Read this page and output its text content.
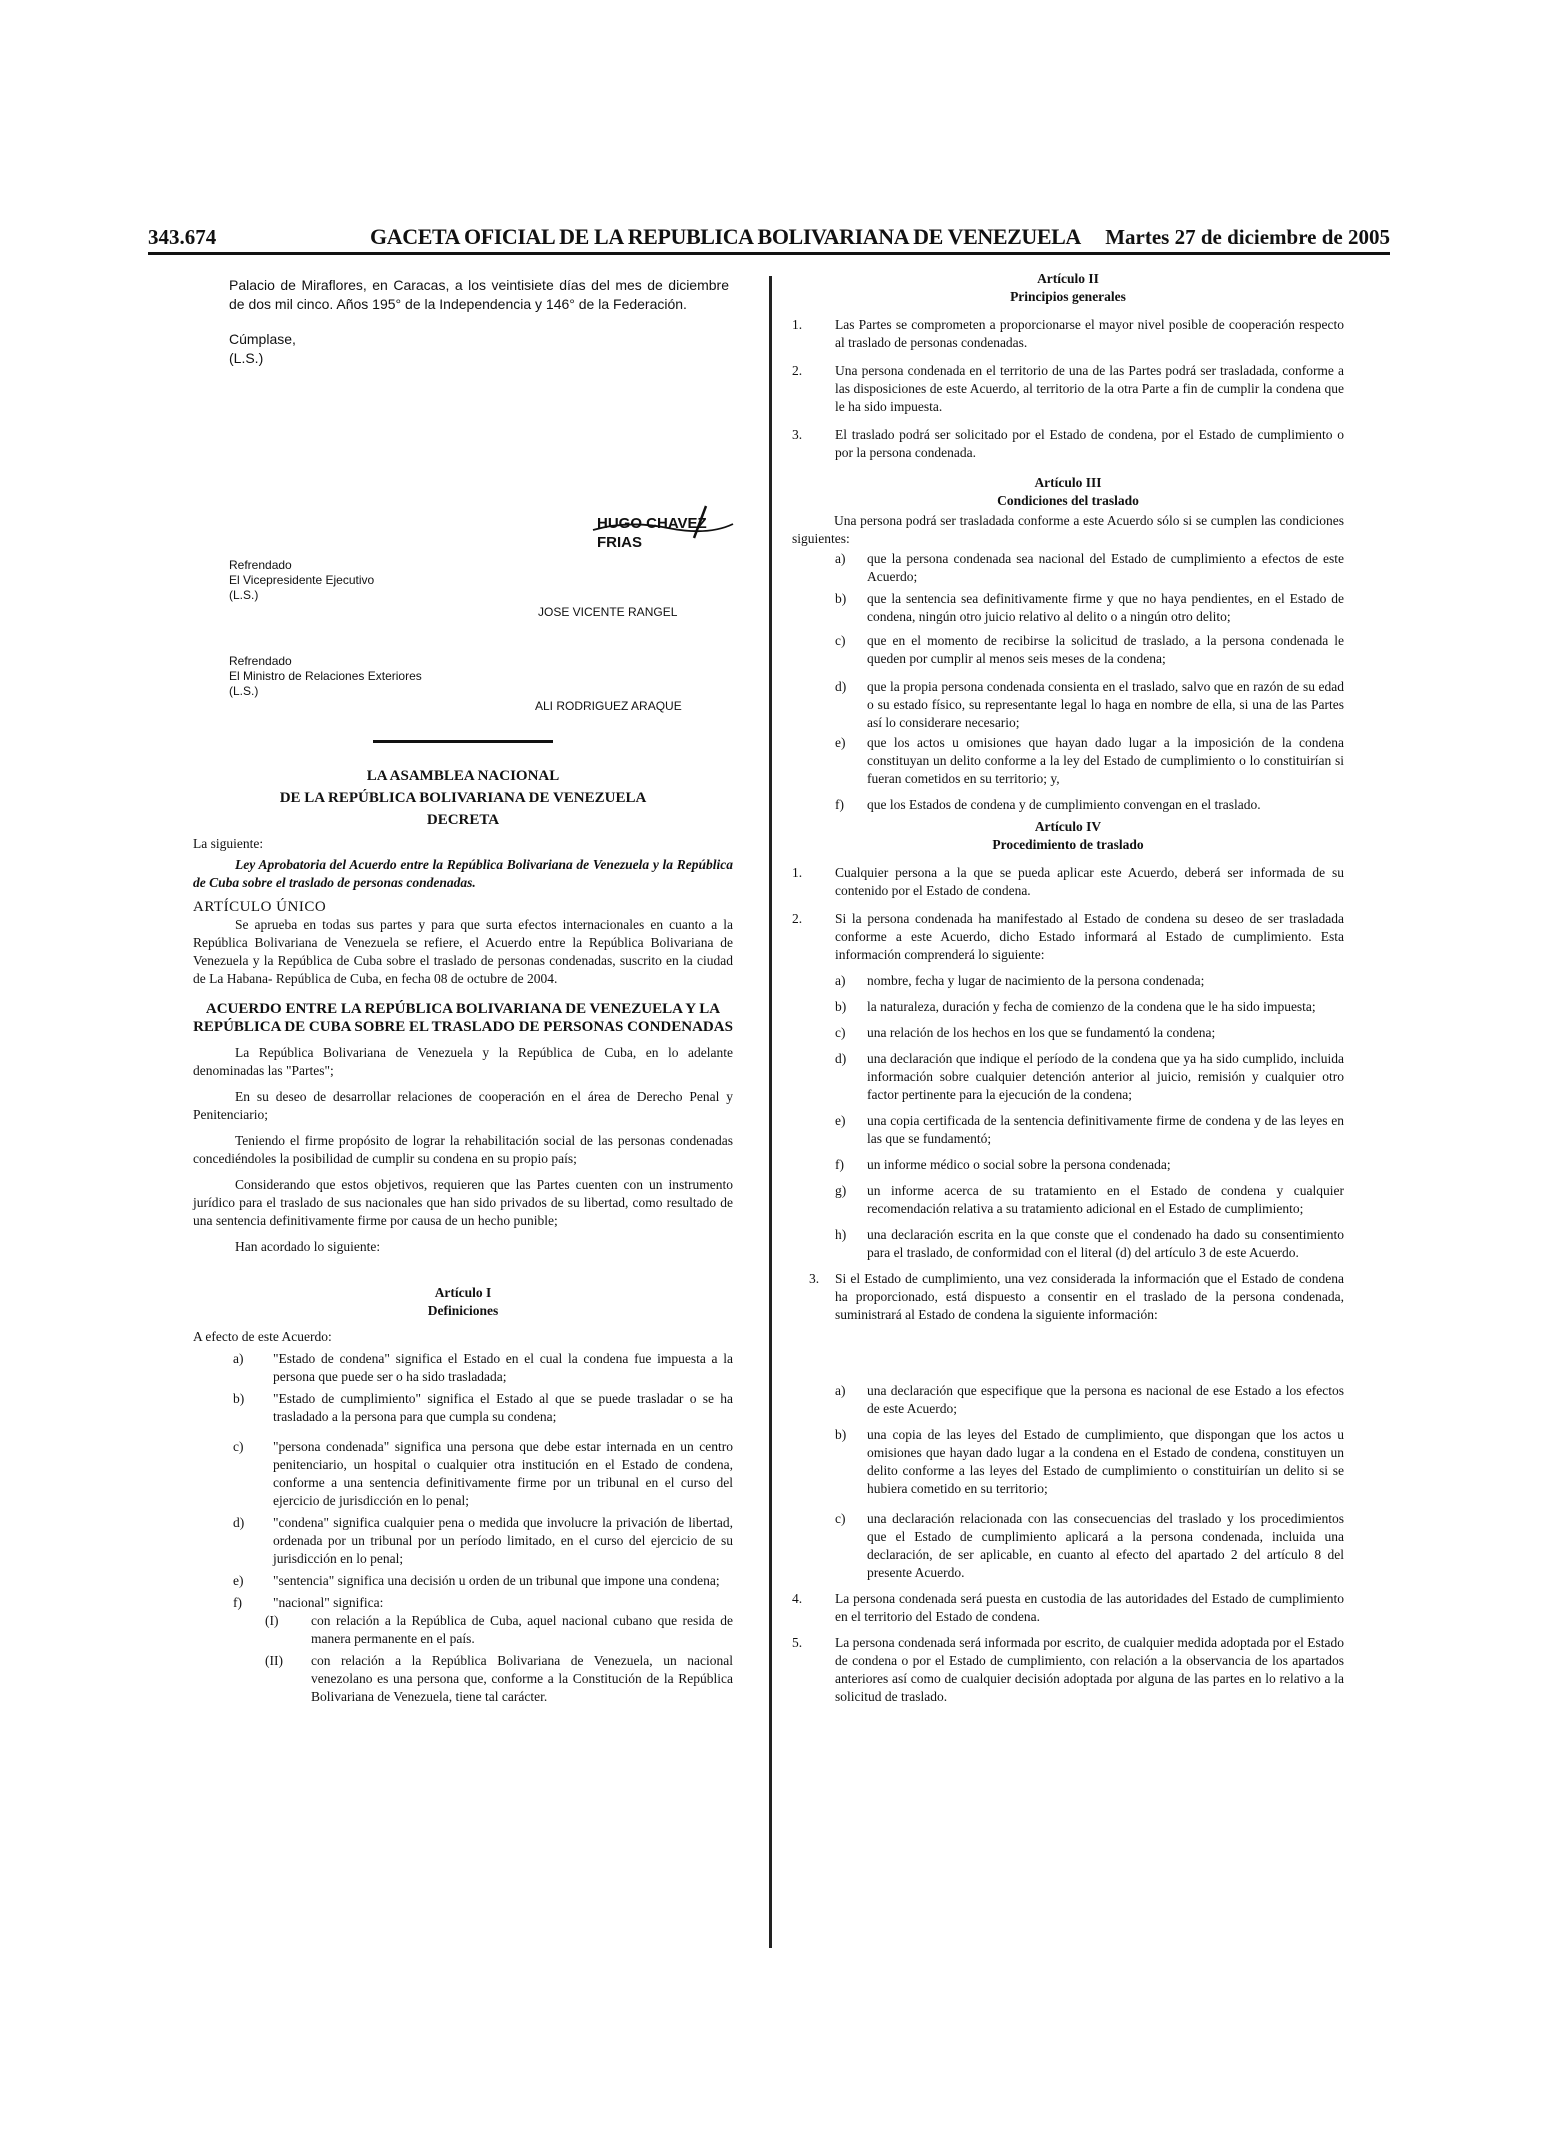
343.674	GACETA OFICIAL DE LA REPUBLICA BOLIVARIANA DE VENEZUELA Martes 27 de diciembre de 2005

Palacio de Miraflores, en Caracas, a los veintisiete días del mes de diciembre de dos mil cinco. Años 195° de la Independencia y 146° de la Federación.

Cúmplase,
(L.S.)
HUGO CHAVEZ FRIAS
Refrendado
El Vicepresidente Ejecutivo
(L.S.)
JOSE VICENTE RANGEL
Refrendado
El Ministro de Relaciones Exteriores
(L.S.)
ALI RODRIGUEZ ARAQUE
LA ASAMBLEA NACIONAL
DE LA REPÚBLICA BOLIVARIANA DE VENEZUELA
DECRETA
La siguiente:

Ley Aprobatoria del Acuerdo entre la República Bolivariana de Venezuela y la República de Cuba sobre el traslado de personas condenadas.

ARTÍCULO ÚNICO

Se aprueba en todas sus partes y para que surta efectos internacionales en cuanto a la República Bolivariana de Venezuela se refiere, el Acuerdo entre la República Bolivariana de Venezuela y la República de Cuba sobre el traslado de personas condenadas, suscrito en la ciudad de La Habana- República de Cuba, en fecha 08 de octubre de 2004.

ACUERDO ENTRE LA REPÚBLICA BOLIVARIANA DE VENEZUELA Y LA REPÚBLICA DE CUBA SOBRE EL TRASLADO DE PERSONAS CONDENADAS

La República Bolivariana de Venezuela y la República de Cuba, en lo adelante denominadas las "Partes";

En su deseo de desarrollar relaciones de cooperación en el área de Derecho Penal y Penitenciario;

Teniendo el firme propósito de lograr la rehabilitación social de las personas condenadas concediéndoles la posibilidad de cumplir su condena en su propio país;

Considerando que estos objetivos, requieren que las Partes cuenten con un instrumento jurídico para el traslado de sus nacionales que han sido privados de su libertad, como resultado de una sentencia definitivamente firme por causa de un hecho punible;

Han acordado lo siguiente:

Artículo I
Definiciones
A efecto de este Acuerdo:
a) "Estado de condena" significa el Estado en el cual la condena fue impuesta a la persona que puede ser o ha sido trasladada;
b) "Estado de cumplimiento" significa el Estado al que se puede trasladar o se ha trasladado a la persona para que cumpla su condena;
c) "persona condenada" significa una persona que debe estar internada en un centro penitenciario, un hospital o cualquier otra institución en el Estado de condena, conforme a una sentencia definitivamente firme por un tribunal en el curso del ejercicio de jurisdicción en lo penal;
d) "condena" significa cualquier pena o medida que involucre la privación de libertad, ordenada por un tribunal por un período limitado, en el curso del ejercicio de su jurisdicción en lo penal;
e) "sentencia" significa una decisión u orden de un tribunal que impone una condena;
f) "nacional" significa:
(I) con relación a la República de Cuba, aquel nacional cubano que resida de manera permanente en el país.
(II) con relación a la República Bolivariana de Venezuela, un nacional venezolano es una persona que, conforme a la Constitución de la República Bolivariana de Venezuela, tiene tal carácter.
Artículo II
Principios generales
1. Las Partes se comprometen a proporcionarse el mayor nivel posible de cooperación respecto al traslado de personas condenadas.
2. Una persona condenada en el territorio de una de las Partes podrá ser trasladada, conforme a las disposiciones de este Acuerdo, al territorio de la otra Parte a fin de cumplir la condena que le ha sido impuesta.
3. El traslado podrá ser solicitado por el Estado de condena, por el Estado de cumplimiento o por la persona condenada.
Artículo III
Condiciones del traslado

Una persona podrá ser trasladada conforme a este Acuerdo sólo si se cumplen las condiciones siguientes:

a) que la persona condenada sea nacional del Estado de cumplimiento a efectos de este Acuerdo;
b) que la sentencia sea definitivamente firme y que no haya pendientes, en el Estado de condena, ningún otro juicio relativo al delito o a ningún otro delito;
c) que en el momento de recibirse la solicitud de traslado, a la persona condenada le queden por cumplir al menos seis meses de la condena;
d) que la propia persona condenada consienta en el traslado, salvo que en razón de su edad o su estado físico, su representante legal lo haga en nombre de ella, si una de las Partes así lo considerare necesario;
e) que los actos u omisiones que hayan dado lugar a la imposición de la condena constituyan un delito conforme a la ley del Estado de cumplimiento o lo constituirían si fueran cometidos en su territorio; y,
f) que los Estados de condena y de cumplimiento convengan en el traslado.
Artículo IV
Procedimiento de traslado
1. Cualquier persona a la que se pueda aplicar este Acuerdo, deberá ser informada de su contenido por el Estado de condena.
2. Si la persona condenada ha manifestado al Estado de condena su deseo de ser trasladada conforme a este Acuerdo, dicho Estado informará al Estado de cumplimiento. Esta información comprenderá lo siguiente:
a) nombre, fecha y lugar de nacimiento de la persona condenada;
b) la naturaleza, duración y fecha de comienzo de la condena que le ha sido impuesta;
c) una relación de los hechos en los que se fundamentó la condena;
d) una declaración que indique el período de la condena que ya ha sido cumplido, incluida información sobre cualquier detención anterior al juicio, remisión y cualquier otro factor pertinente para la ejecución de la condena;
e) una copia certificada de la sentencia definitivamente firme de condena y de las leyes en las que se fundamentó;
f) un informe médico o social sobre la persona condenada;
g) un informe acerca de su tratamiento en el Estado de condena y cualquier recomendación relativa a su tratamiento adicional en el Estado de cumplimiento;
h) una declaración escrita en la que conste que el condenado ha dado su consentimiento para el traslado, de conformidad con el literal (d) del artículo 3 de este Acuerdo.
3. Si el Estado de cumplimiento, una vez considerada la información que el Estado de condena ha proporcionado, está dispuesto a consentir en el traslado de la persona condenada, suministrará al Estado de condena la siguiente información:
a) una declaración que especifique que la persona es nacional de ese Estado a los efectos de este Acuerdo;
b) una copia de las leyes del Estado de cumplimiento, que dispongan que los actos u omisiones que hayan dado lugar a la condena en el Estado de condena, constituyen un delito conforme a las leyes del Estado de cumplimiento o constituirían un delito si se hubiera cometido en su territorio;
c) una declaración relacionada con las consecuencias del traslado y los procedimientos que el Estado de cumplimiento aplicará a la persona condenada, incluida una declaración, de ser aplicable, en cuanto al efecto del apartado 2 del artículo 8 del presente Acuerdo.
4. La persona condenada será puesta en custodia de las autoridades del Estado de cumplimiento en el territorio del Estado de condena.
5. La persona condenada será informada por escrito, de cualquier medida adoptada por el Estado de condena o por el Estado de cumplimiento, con relación a la observancia de los apartados anteriores así como de cualquier decisión adoptada por alguna de las partes en lo relativo a la solicitud de traslado.
